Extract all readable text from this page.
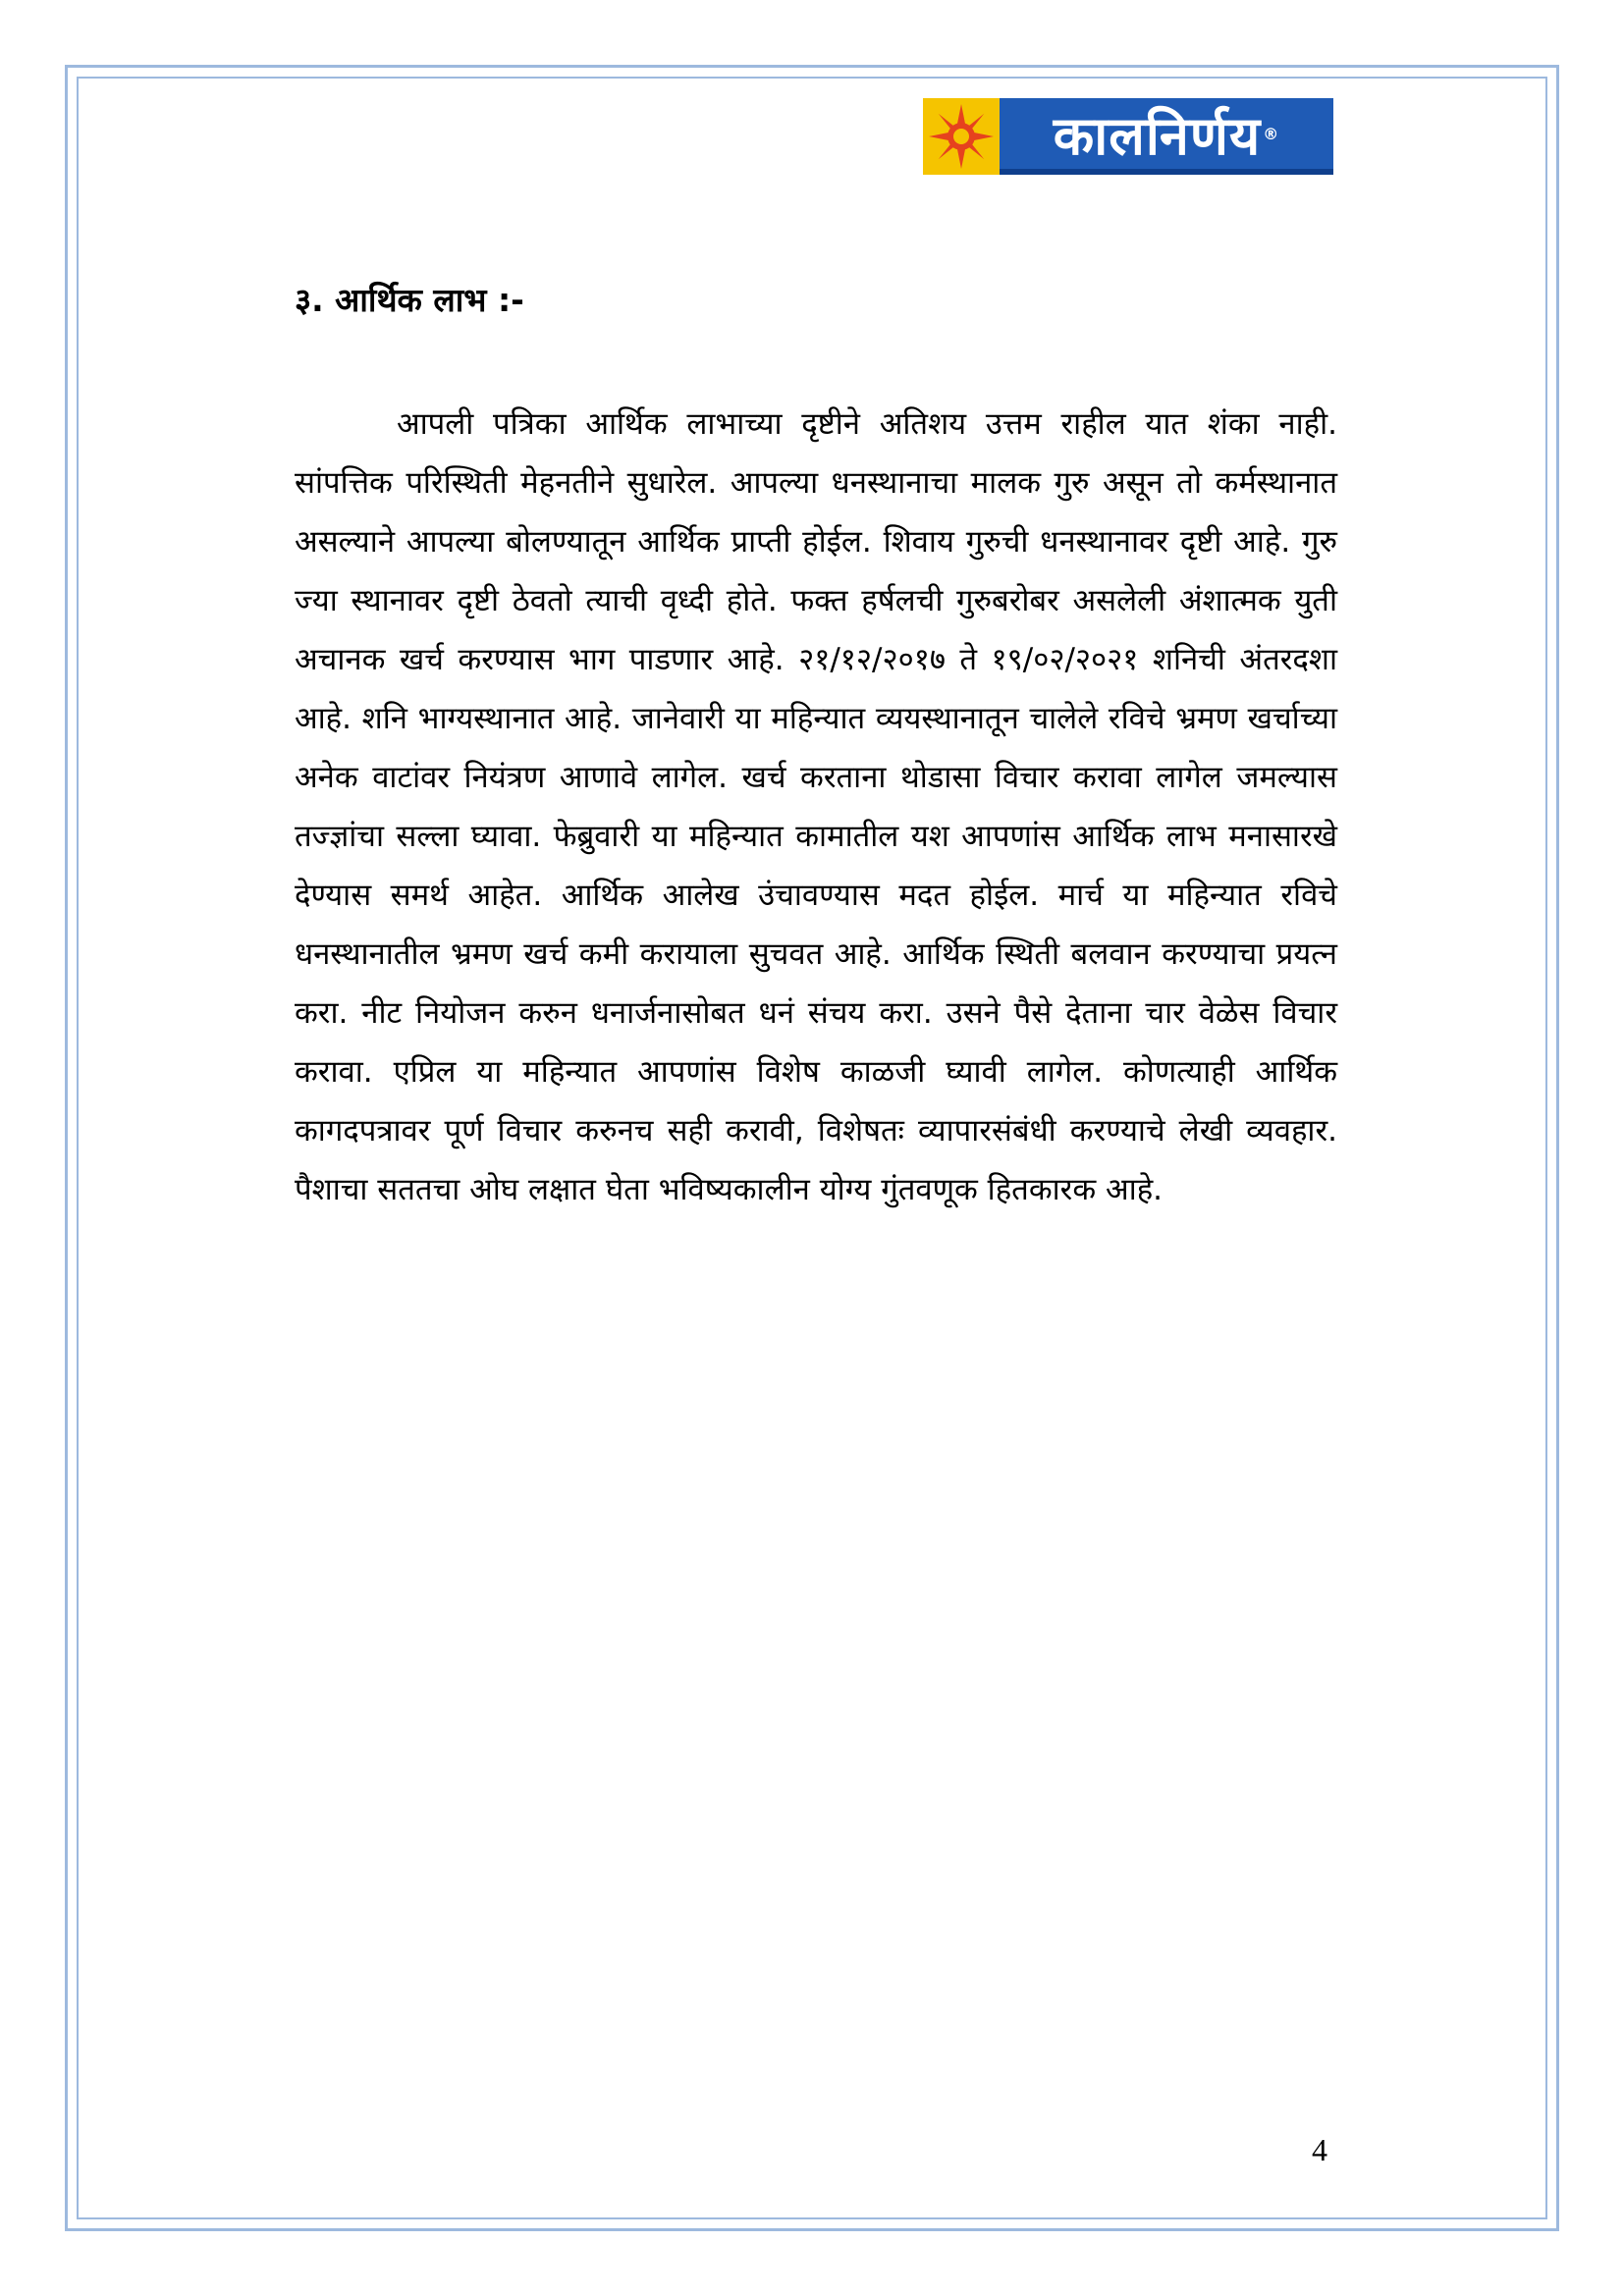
कालनिर्णय ®
३. आर्थिक लाभ :-

आपली पत्रिका आर्थिक लाभाच्या दृष्टीने अतिशय उत्तम राहील यात शंका नाही. सांपत्तिक परिस्थिती मेहनतीने सुधारेल. आपल्या धनस्थानाचा मालक गुरु असून तो कर्मस्थानात असल्याने आपल्या बोलण्यातून आर्थिक प्राप्ती होईल. शिवाय गुरुची धनस्थानावर दृष्टी आहे. गुरु ज्या स्थानावर दृष्टी ठेवतो त्याची वृध्दी होते. फक्त हर्षलची गुरुबरोबर असलेली अंशात्मक युती अचानक खर्च करण्यास भाग पाडणार आहे. २१/१२/२०१७ ते १९/०२/२०२१ शनिची अंतरदशा आहे. शनि भाग्यस्थानात आहे. जानेवारी या महिन्यात व्ययस्थानातून चालेले रविचे भ्रमण खर्चाच्या अनेक वाटांवर नियंत्रण आणावे लागेल. खर्च करताना थोडासा विचार करावा लागेल जमल्यास तज्ज्ञांचा सल्ला घ्यावा. फेब्रुवारी या महिन्यात कामातील यश आपणांस आर्थिक लाभ मनासारखे देण्यास समर्थ आहेत. आर्थिक आलेख उंचावण्यास मदत होईल. मार्च या महिन्यात रविचे धनस्थानातील भ्रमण खर्च कमी करायाला सुचवत आहे. आर्थिक स्थिती बलवान करण्याचा प्रयत्न करा. नीट नियोजन करुन धनार्जनासोबत धनं संचय करा. उसने पैसे देताना चार वेळेस विचार करावा. एप्रिल या महिन्यात आपणांस विशेष काळजी घ्यावी लागेल. कोणत्याही आर्थिक कागदपत्रावर पूर्ण विचार करुनच सही करावी, विशेषतः व्यापारसंबंधी करण्याचे लेखी व्यवहार. पैशाचा सततचा ओघ लक्षात घेता भविष्यकालीन योग्य गुंतवणूक हितकारक आहे.

4
